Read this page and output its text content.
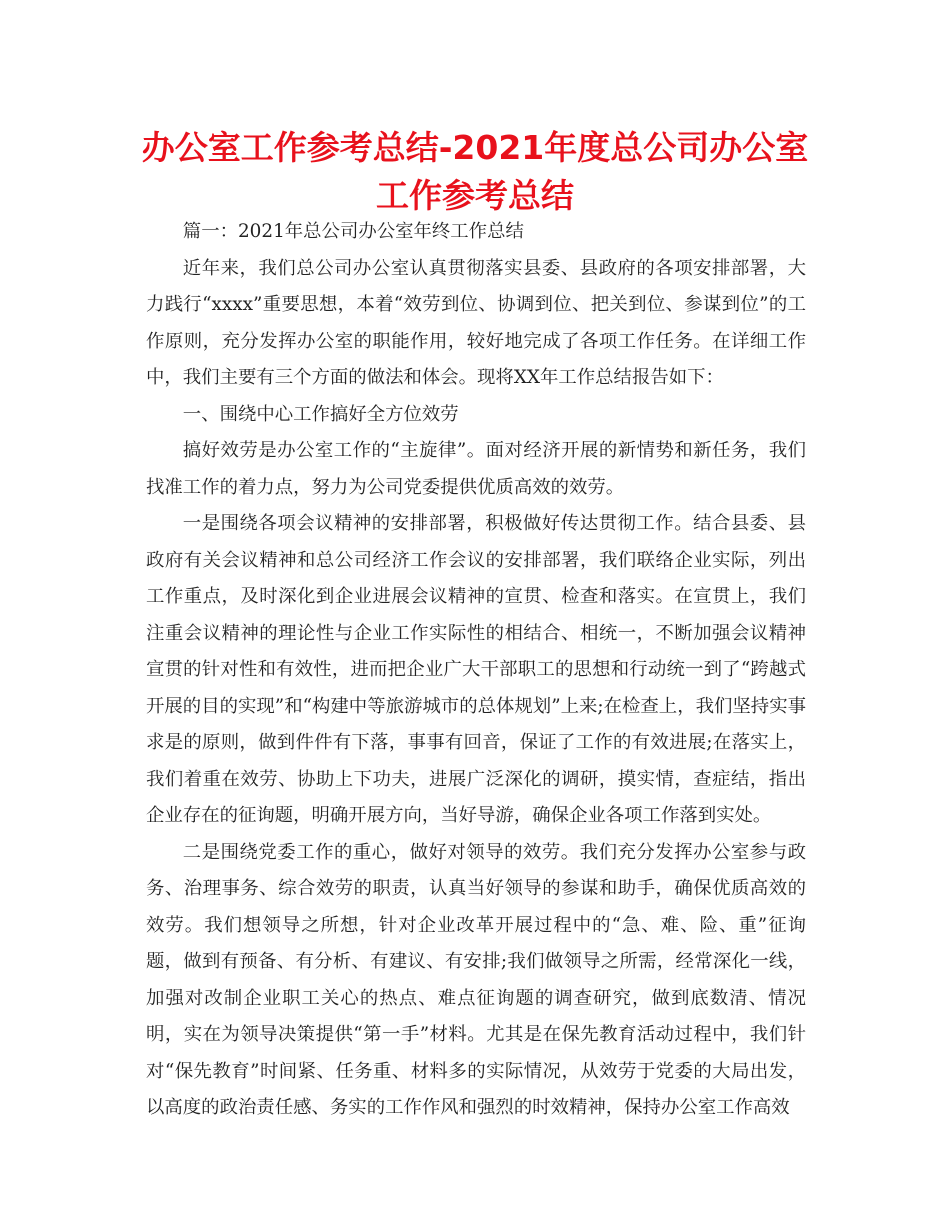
办公室工作参考总结-2021年度总公司办公室工作参考总结

篇一：2021年总公司办公室年终工作总结

近年来，我们总公司办公室认真贯彻落实县委、县政府的各项安排部署，大力践行“xxxx”重要思想，本着“效劳到位、协调到位、把关到位、参谋到位”的工作原则，充分发挥办公室的职能作用，较好地完成了各项工作任务。在详细工作中，我们主要有三个方面的做法和体会。现将XX年工作总结报告如下：

一、围绕中心工作搞好全方位效劳

搞好效劳是办公室工作的“主旋律”。面对经济开展的新情势和新任务，我们找准工作的着力点，努力为公司党委提供优质高效的效劳。

一是围绕各项会议精神的安排部署，积极做好传达贯彻工作。结合县委、县政府有关会议精神和总公司经济工作会议的安排部署，我们联络企业实际，列出工作重点，及时深化到企业进展会议精神的宣贯、检查和落实。在宣贯上，我们注重会议精神的理论性与企业工作实际性的相结合、相统一，不断加强会议精神宣贯的针对性和有效性，进而把企业广大干部职工的思想和行动统一到了“跨越式开展的目的实现”和“构建中等旅游城市的总体规划”上来;在检查上，我们坚持实事求是的原则，做到件件有下落，事事有回音，保证了工作的有效进展;在落实上，我们着重在效劳、协助上下功夫，进展广泛深化的调研，摸实情，查症结，指出企业存在的征询题，明确开展方向，当好导游，确保企业各项工作落到实处。

二是围绕党委工作的重心，做好对领导的效劳。我们充分发挥办公室参与政务、治理事务、综合效劳的职责，认真当好领导的参谋和助手，确保优质高效的效劳。我们想领导之所想，针对企业改革开展过程中的“急、难、险、重”征询题，做到有预备、有分析、有建议、有安排;我们做领导之所需，经常深化一线，加强对改制企业职工关心的热点、难点征询题的调查研究，做到底数清、情况明，实在为领导决策提供“第一手”材料。尤其是在保先教育活动过程中，我们针对“保先教育”时间紧、任务重、材料多的实际情况，从效劳于党委的大局出发，以高度的政治责任感、务实的工作作风和强烈的时效精神，保持办公室工作高效
